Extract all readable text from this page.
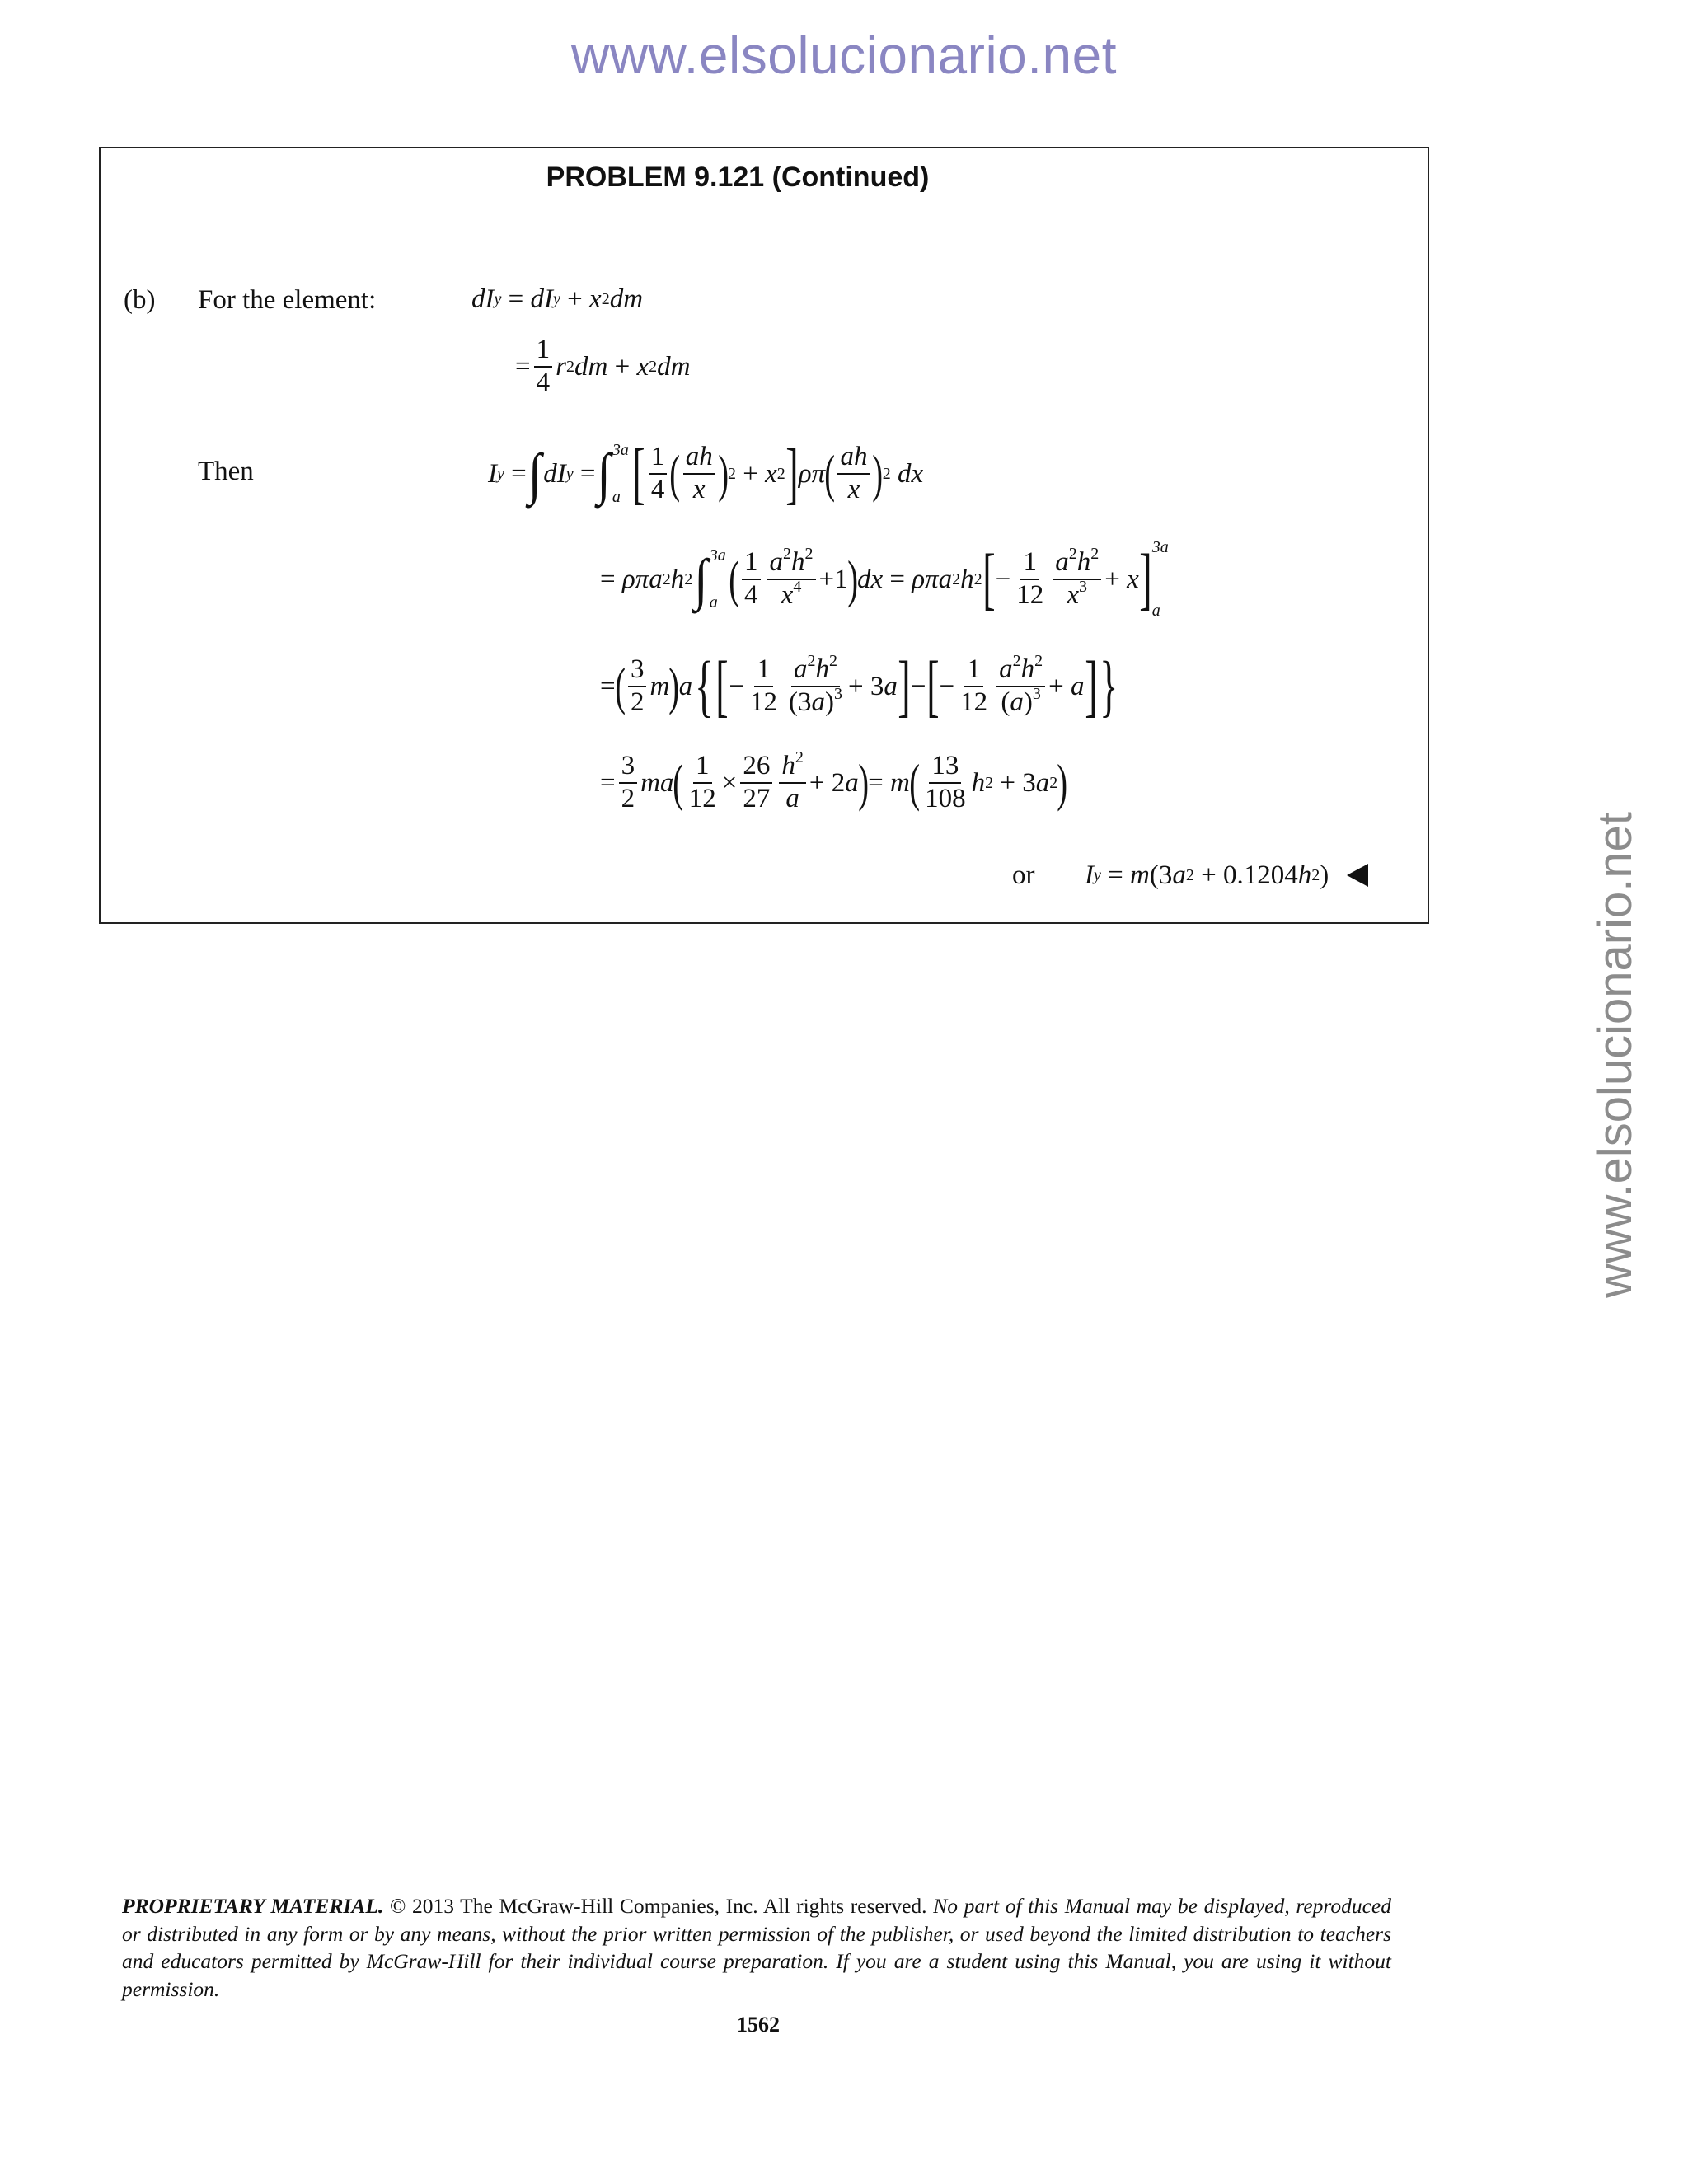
www.elsolucionario.net
www.elsolucionario.net
PROBLEM 9.121 (Continued)
(b) For the element:	dI y = dI y + x 2 dm
= $\frac{1}{4}$ r 2 dm + x 2 dm
Then	I y = ∫ dI y = ∫ 3a
a [ $\frac{1}{4}$ ( $\frac{ah}{x}$ ) 2 + x 2 ] ρπ ( $\frac{ah}{x}$ ) 2
dx
= ρπa 2 h 2 ∫ 3a
a ( $\frac{1}{4} \frac{a^2h^2}{x^4} +1$ ) dx = ρπa 2 h 2 [ − $\frac{1}{12} \frac{a^2h^2}{x^3} + x$ ] 3a
a
= ( $\frac{3}{2}$ m ) a { [ − $\frac{1}{12} \frac{a^2h^2}{(3a)^3} + 3$ a ] − [ − $\frac{1}{12} \frac{a^2h^2}{(a)^3} + a$ ] }
= $\frac{3}{2}$ ma ( $\frac{1}{12} \times \frac{26}{27} \frac{h^2}{a} + 2$ a ) = m ( $\frac{13}{108}$ h 2 + 3 a 2 )
or I y = m (3 a 2 + 0.1204 h 2 )
PROPRIETARY MATERIAL. © 2013 The McGraw-Hill Companies, Inc. All rights reserved. No part of this Manual may be displayed, reproduced or distributed in any form or by any means, without the prior written permission of the publisher, or used beyond the limited distribution to teachers and educators permitted by McGraw-Hill for their individual course preparation. If you are a student using this Manual, you are using it without permission.
1562
